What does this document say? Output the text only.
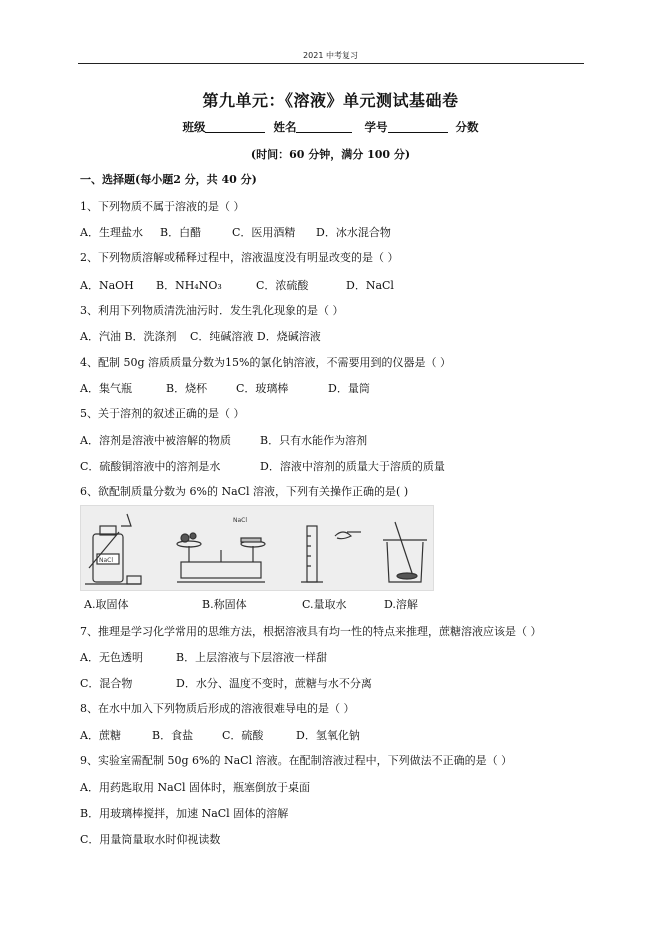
2021 中考复习
第九单元：《溶液》单元测试基础卷
班级	姓名	学号	分数
(时间：60 分钟，满分 100 分)
一、选择题(每小题2 分，共 40 分)
1、下列物质不属于溶液的是（ ）
A．生理盐水 B．白醋	C．医用酒精 D．冰水混合物
2、下列物质溶解或稀释过程中，溶液温度没有明显改变的是（ ）
A．NaOH B．NH₄NO₃	C．浓硫酸	D．NaCl
3、利用下列物质清洗油污时．发生乳化现象的是（ ）
A．汽油 B．洗涤剂 C．纯碱溶液 D．烧碱溶液
4、配制 50g 溶质质量分数为15%的氯化钠溶液，不需要用到的仪器是（ ）
A．集气瓶	B．烧杯	C．玻璃棒	D．量筒
5、关于溶剂的叙述正确的是（ ）
A．溶剂是溶液中被溶解的物质	B．只有水能作为溶剂
C．硫酸铜溶液中的溶剂是水	D．溶液中溶剂的质量大于溶质的质量
6、欲配制质量分数为 6%的 NaCl 溶液，下列有关操作正确的是( )
NaCl
NaCl
A.取固体	B.称固体	C.量取水	D.溶解
7、推理是学习化学常用的思维方法，根据溶液具有均一性的特点来推理，蔗糖溶液应该是（ ）
A．无色透明	B．上层溶液与下层溶液一样甜
C．混合物	D．水分、温度不变时，蔗糖与水不分离
8、在水中加入下列物质后形成的溶液很难导电的是（ ）
A．蔗糖	B．食盐	C．硫酸	D．氢氧化钠
9、实验室需配制 50g 6%的 NaCl 溶液。在配制溶液过程中，下列做法不正确的是（ ）
A．用药匙取用 NaCl 固体时，瓶塞倒放于桌面
B．用玻璃棒搅拌，加速 NaCl 固体的溶解
C．用量筒量取水时仰视读数
